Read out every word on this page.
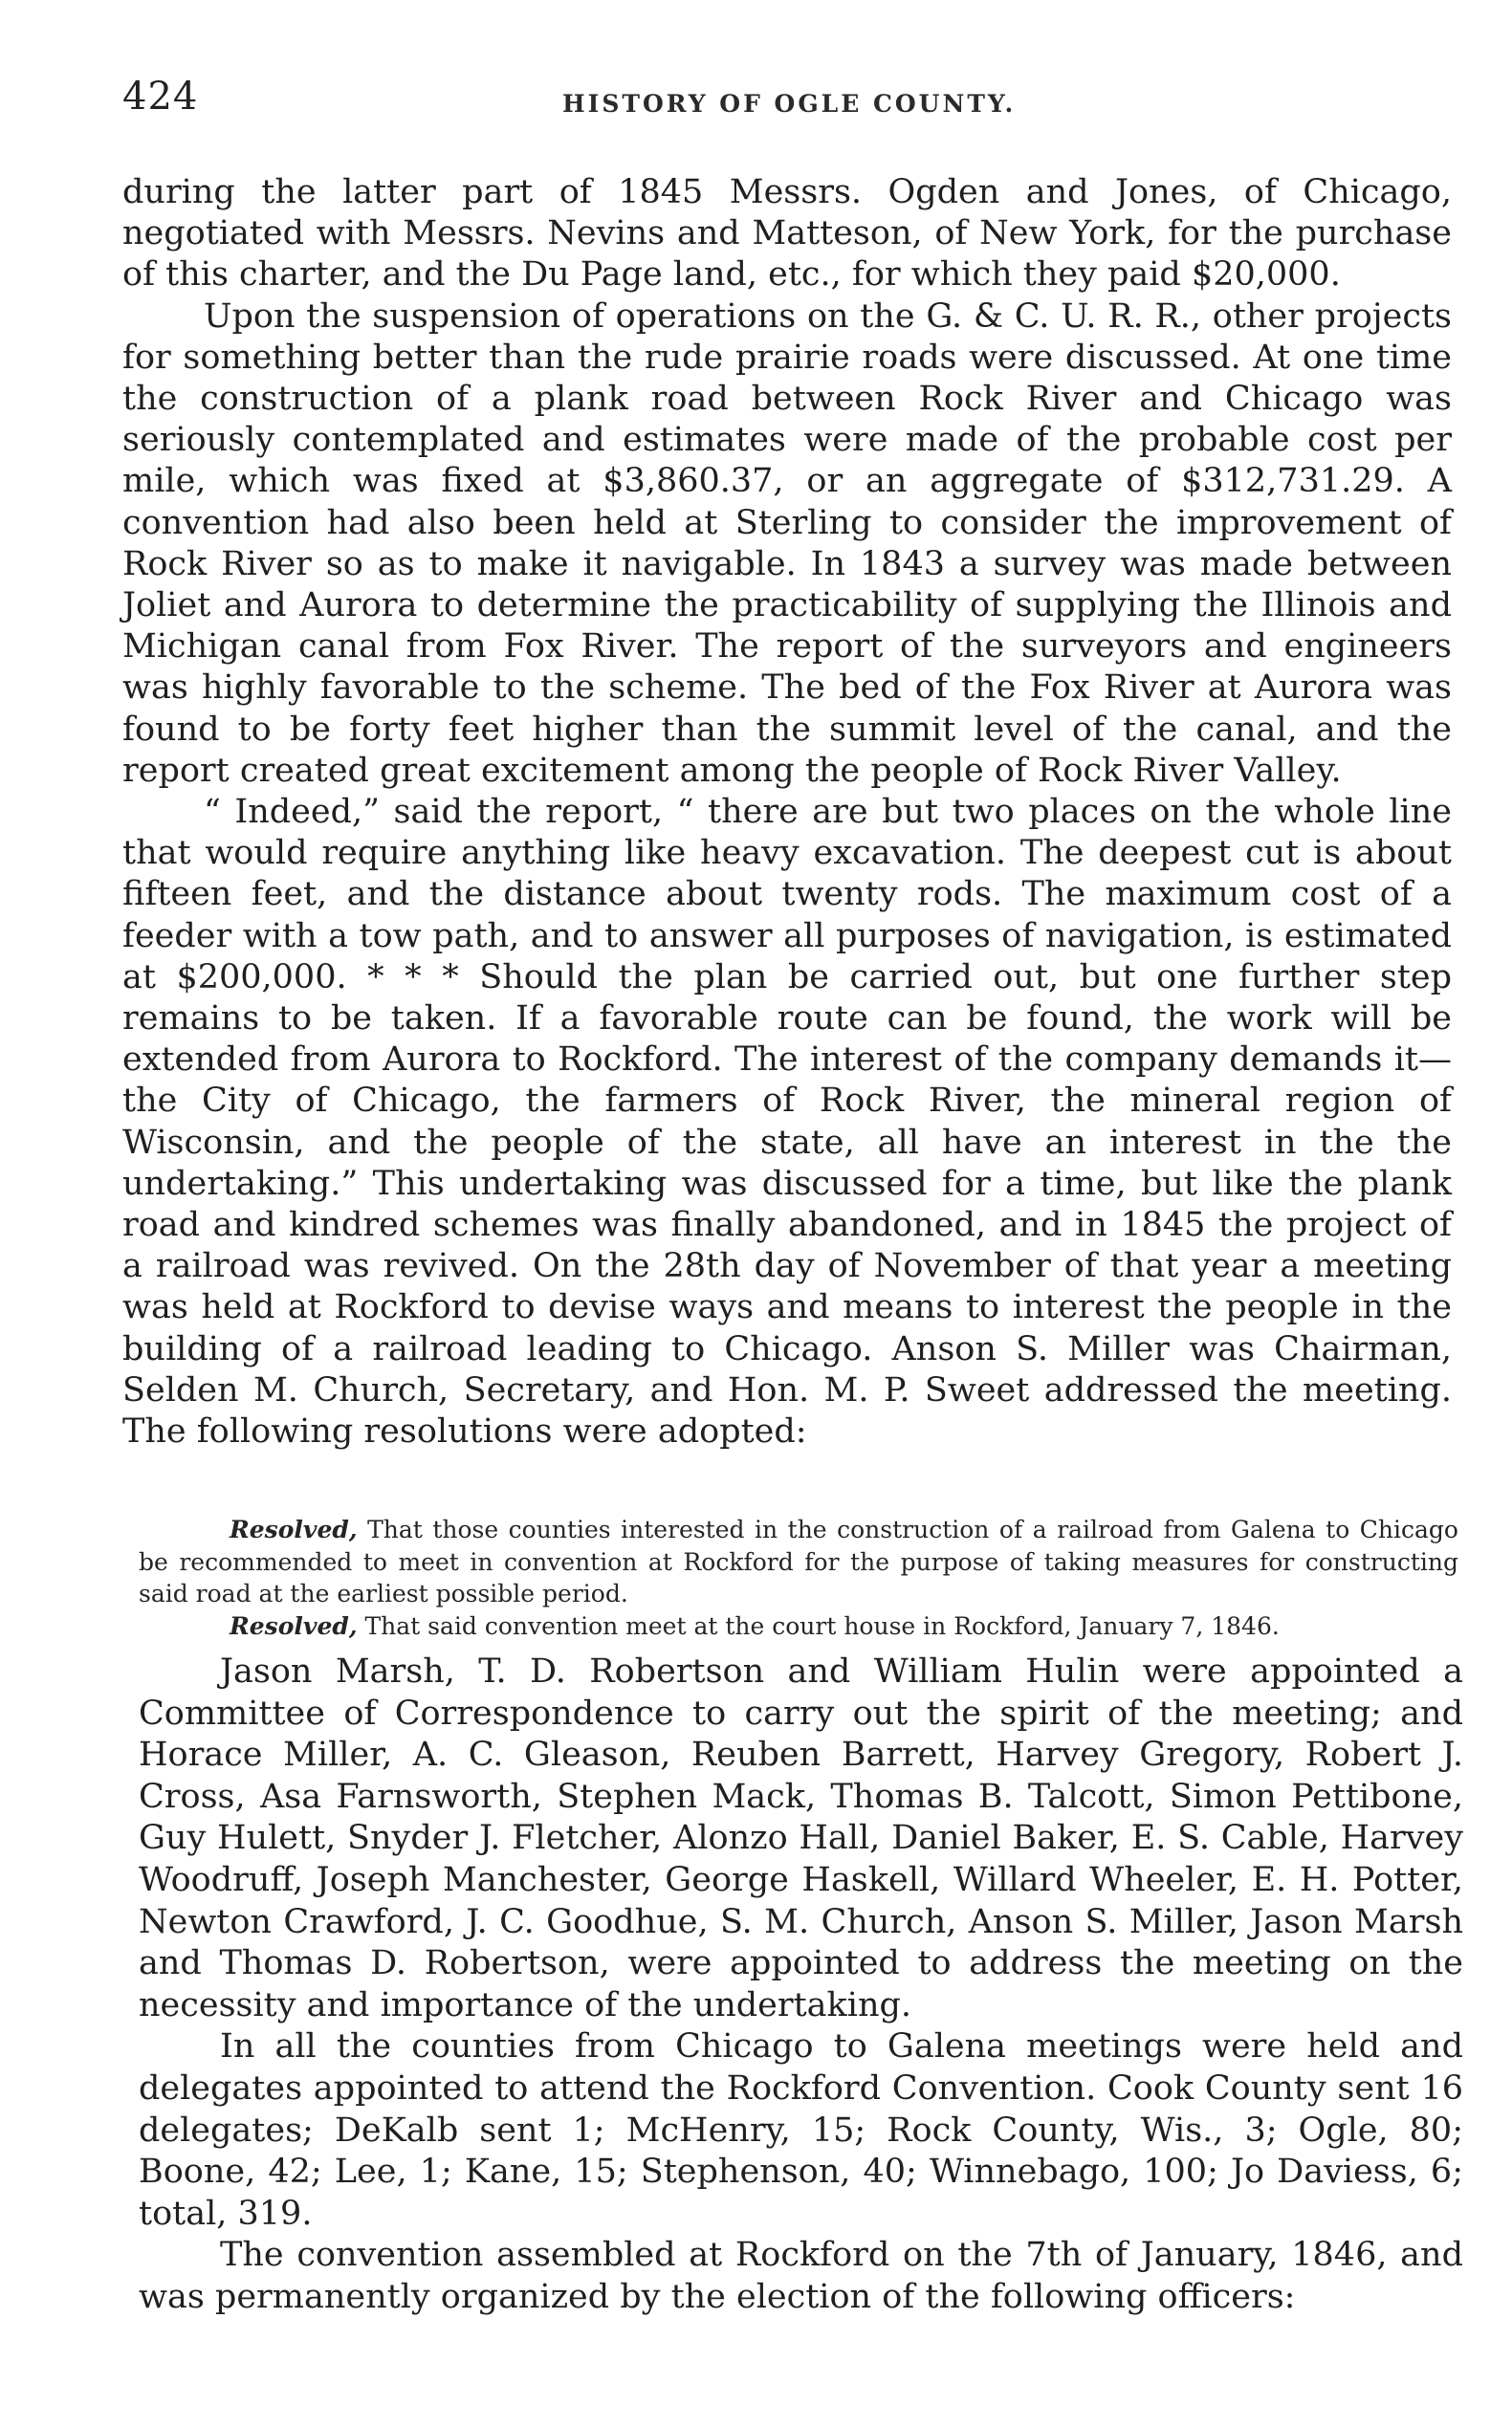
424	HISTORY OF OGLE COUNTY.

during the latter part of 1845 Messrs. Ogden and Jones, of Chicago, negotiated with Messrs. Nevins and Matteson, of New York, for the purchase of this charter, and the Du Page land, etc., for which they paid $20,000.

Upon the suspension of operations on the G. & C. U. R. R., other projects for something better than the rude prairie roads were discussed. At one time the construction of a plank road between Rock River and Chicago was seriously contemplated and estimates were made of the probable cost per mile, which was fixed at $3,860.37, or an aggregate of $312,731.29. A convention had also been held at Sterling to consider the improvement of Rock River so as to make it navigable. In 1843 a survey was made between Joliet and Aurora to determine the practicability of supplying the Illinois and Michigan canal from Fox River. The report of the surveyors and engineers was highly favorable to the scheme. The bed of the Fox River at Aurora was found to be forty feet higher than the summit level of the canal, and the report created great excitement among the people of Rock River Valley.

“ Indeed,” said the report, “ there are but two places on the whole line that would require anything like heavy excavation. The deepest cut is about fifteen feet, and the distance about twenty rods. The maximum cost of a feeder with a tow path, and to answer all purposes of navigation, is estimated at $200,000. * * * Should the plan be carried out, but one further step remains to be taken. If a favorable route can be found, the work will be extended from Aurora to Rockford. The interest of the company demands it—the City of Chicago, the farmers of Rock River, the mineral region of Wisconsin, and the people of the state, all have an interest in the the undertaking.” This undertaking was discussed for a time, but like the plank road and kindred schemes was finally abandoned, and in 1845 the project of a railroad was revived. On the 28th day of November of that year a meeting was held at Rockford to devise ways and means to interest the people in the building of a railroad leading to Chicago. Anson S. Miller was Chairman, Selden M. Church, Secretary, and Hon. M. P. Sweet addressed the meeting. The following resolutions were adopted:

Resolved, That those counties interested in the construction of a railroad from Galena to Chicago be recommended to meet in convention at Rockford for the purpose of taking measures for constructing said road at the earliest possible period.

Resolved, That said convention meet at the court house in Rockford, January 7, 1846.

Jason Marsh, T. D. Robertson and William Hulin were appointed a Committee of Correspondence to carry out the spirit of the meeting; and Horace Miller, A. C. Gleason, Reuben Barrett, Harvey Gregory, Robert J. Cross, Asa Farnsworth, Stephen Mack, Thomas B. Talcott, Simon Pettibone, Guy Hulett, Snyder J. Fletcher, Alonzo Hall, Daniel Baker, E. S. Cable, Harvey Woodruff, Joseph Manchester, George Haskell, Willard Wheeler, E. H. Potter, Newton Crawford, J. C. Goodhue, S. M. Church, Anson S. Miller, Jason Marsh and Thomas D. Robertson, were appointed to address the meeting on the necessity and importance of the undertaking.

In all the counties from Chicago to Galena meetings were held and delegates appointed to attend the Rockford Convention. Cook County sent 16 delegates; DeKalb sent 1; McHenry, 15; Rock County, Wis., 3; Ogle, 80; Boone, 42; Lee, 1; Kane, 15; Stephenson, 40; Winnebago, 100; Jo Daviess, 6; total, 319.

The convention assembled at Rockford on the 7th of January, 1846, and was permanently organized by the election of the following officers:
